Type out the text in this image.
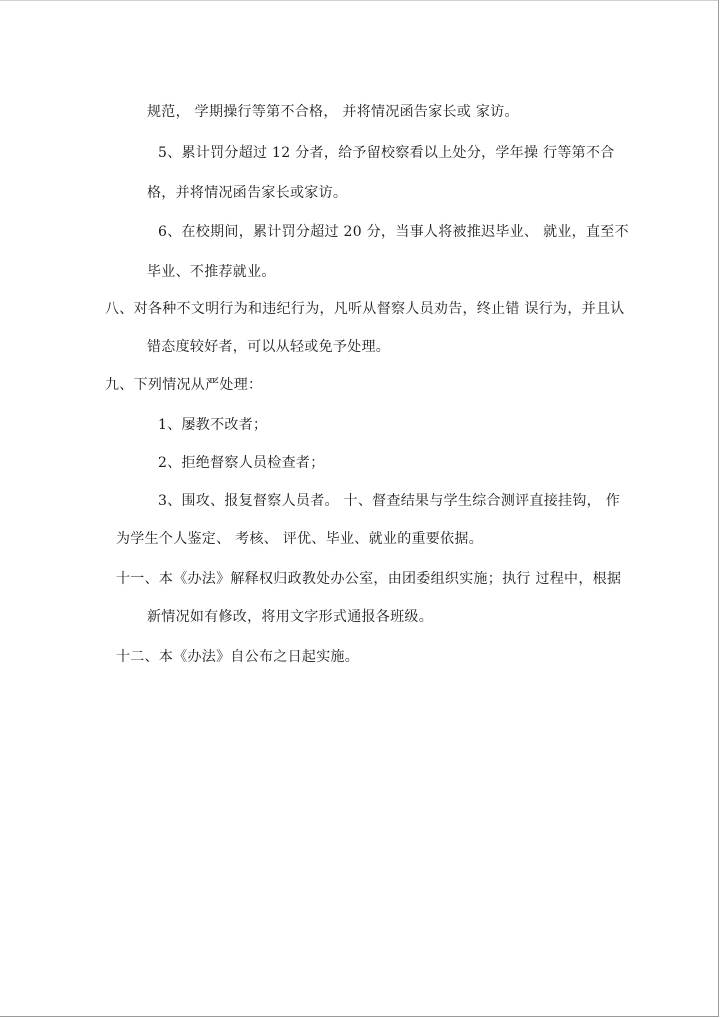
规范， 学期操行等第不合格， 并将情况函告家长或 家访。
5、累计罚分超过 12 分者，给予留校察看以上处分，学年操 行等第不合
格，并将情况函告家长或家访。
6、在校期间，累计罚分超过 20 分，当事人将被推迟毕业、 就业，直至不
毕业、不推荐就业。
八、对各种不文明行为和违纪行为，凡听从督察人员劝告，终止错 误行为，并且认
错态度较好者，可以从轻或免予处理。
九、下列情况从严处理：
1、屡教不改者；
2、拒绝督察人员检查者；
3、围攻、报复督察人员者。 十、督查结果与学生综合测评直接挂钩， 作
为学生个人鉴定、 考核、 评优、毕业、就业的重要依据。
十一、本《办法》解释权归政教处办公室，由团委组织实施；执行 过程中，根据
新情况如有修改，将用文字形式通报各班级。
十二、本《办法》自公布之日起实施。
